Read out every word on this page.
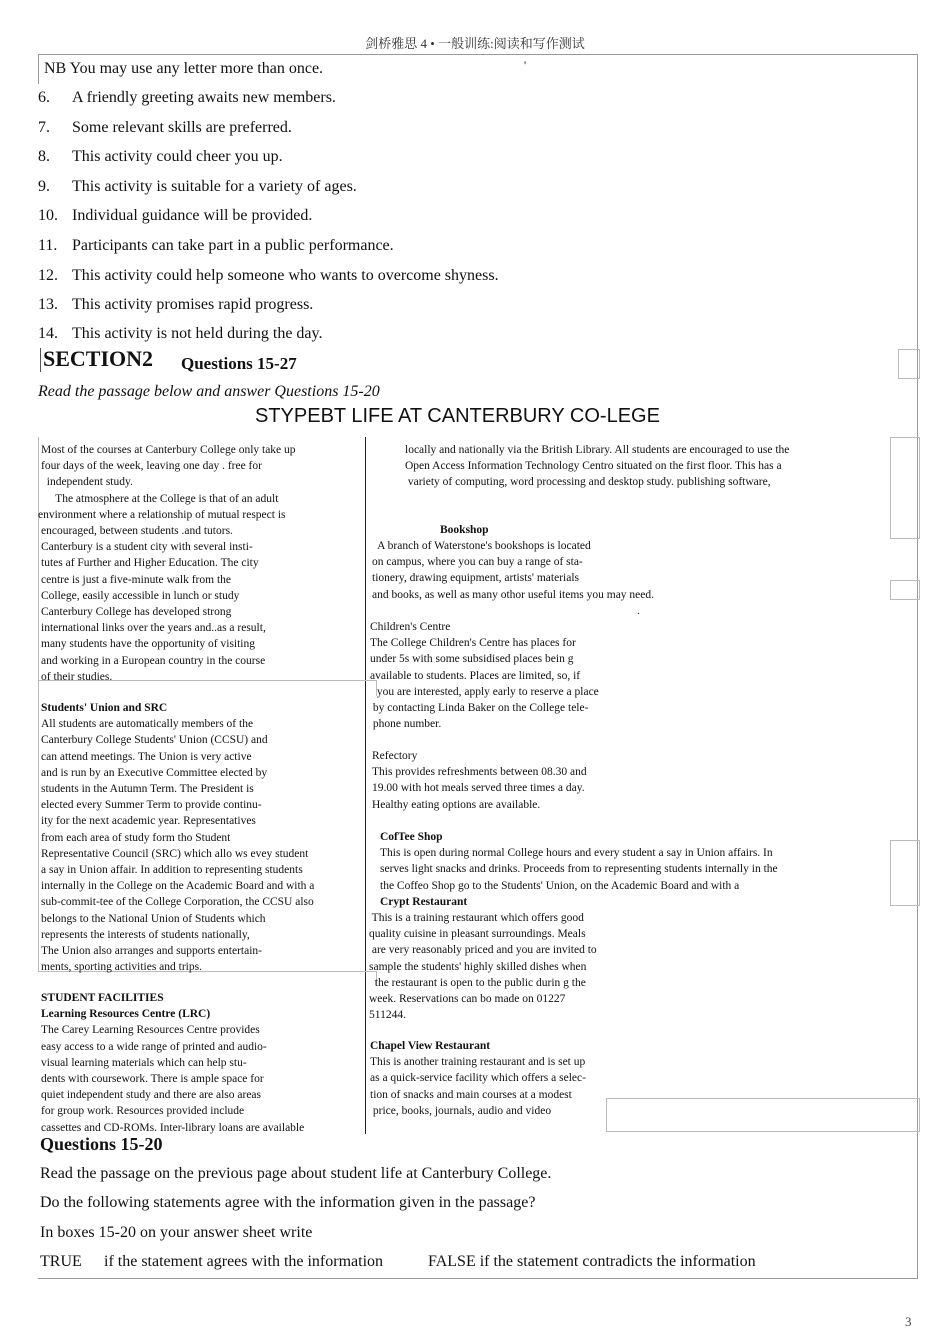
剑桥雅思 4 • 一般训练:阅读和写作测试
NB You may use any letter more than once.	'
6. A friendly greeting awaits new members.
7. Some relevant skills are preferred.
8. This activity could cheer you up.
9. This activity is suitable for a variety of ages.
10. Individual guidance will be provided.
11. Participants can take part in a public performance.
12. This activity could help someone who wants to overcome shyness.
13. This activity promises rapid progress.
14. This activity is not held during the day.
SECTION2 Questions 15-27
Read the passage below and answer Questions 15-20
STYPEBT LIFE AT CANTERBURY CO-LEGE
Most of the courses at Canterbury College only take up
four days of the week, leaving one day . free for
independent study.
The atmosphere at the College is that of an adult
environment where a relationship of mutual respect is
encouraged, between students .and tutors.
Canterbury is a student city with several insti-
tutes af Further and Higher Education. The city
centre is just a five-minute walk from the
College, easily accessible in lunch or study
Canterbury College has developed strong
international links over the years and..as a result,
many students have the opportunity of visiting
and working in a European country in the course
of their studies.
Students' Union and SRC
All students are automatically members of the
Canterbury College Students' Union (CCSU) and
can attend meetings. The Union is very active
and is run by an Executive Committee elected by
students in the Autumn Term. The President is
elected every Summer Term to provide continu-
ity for the next academic year. Representatives
from each area of study form tho Student
Representative Council (SRC) which allo ws evey student
a say in Union affair. In addition to representing students
internally in the College on the Academic Board and with a
sub-commit-tee of the College Corporation, the CCSU also
belongs to the National Union of Students which
represents the interests of students nationally,
The Union also arranges and supports entertain-
ments, sporting activities and trips.
STUDENT FACILITIES
Learning Resources Centre (LRC)
The Carey Learning Resources Centre provides
easy access to a wide range of printed and audio-
visual learning materials which can help stu-
dents with coursework. There is ample space for
quiet independent study and there are also areas
for group work. Resources provided include
cassettes and CD-ROMs. Inter-library loans are available
locally and nationally via the British Library. All students are encouraged to use the
Open Access Information Technology Centro situated on the first floor. This has a
variety of computing, word processing and desktop study. publishing software,
Bookshop
A branch of Waterstone's bookshops is located
on campus, where you can buy a range of sta-
tionery, drawing equipment, artists' materials
and books, as well as many othor useful items you may need.
.
Children's Centre
The College Children's Centre has places for
under 5s with some subsidised places bein g
available to students. Places are limited, so, if
you are interested, apply early to reserve a place
by contacting Linda Baker on the College tele-
phone number.
Refectory
This provides refreshments between 08.30 and
19.00 with hot meals served three times a day.
Healthy eating options are available.
CofTee Shop
This is open during normal College hours and every student a say in Union affairs. In
serves light snacks and drinks. Proceeds from to representing students internally in the
the Coffeo Shop go to the Students' Union, on the Academic Board and with a
Crypt Restaurant
This is a training restaurant which offers good
quality cuisine in pleasant surroundings. Meals
are very reasonably priced and you are invited to
sample the students' highly skilled dishes when
the restaurant is open to the public durin g the
week. Reservations can bo made on 01227
511244.
Chapel View Restaurant
This is another training restaurant and is set up
as a quick-service facility which offers a selec-
tion of snacks and main courses at a modest
price, books, journals, audio and video
Questions 15-20
Read the passage on the previous page about student life at Canterbury College.
Do the following statements agree with the information given in the passage?
In boxes 15-20 on your answer sheet write
TRUE if the statement agrees with the information	FALSE if the statement contradicts the information
3
